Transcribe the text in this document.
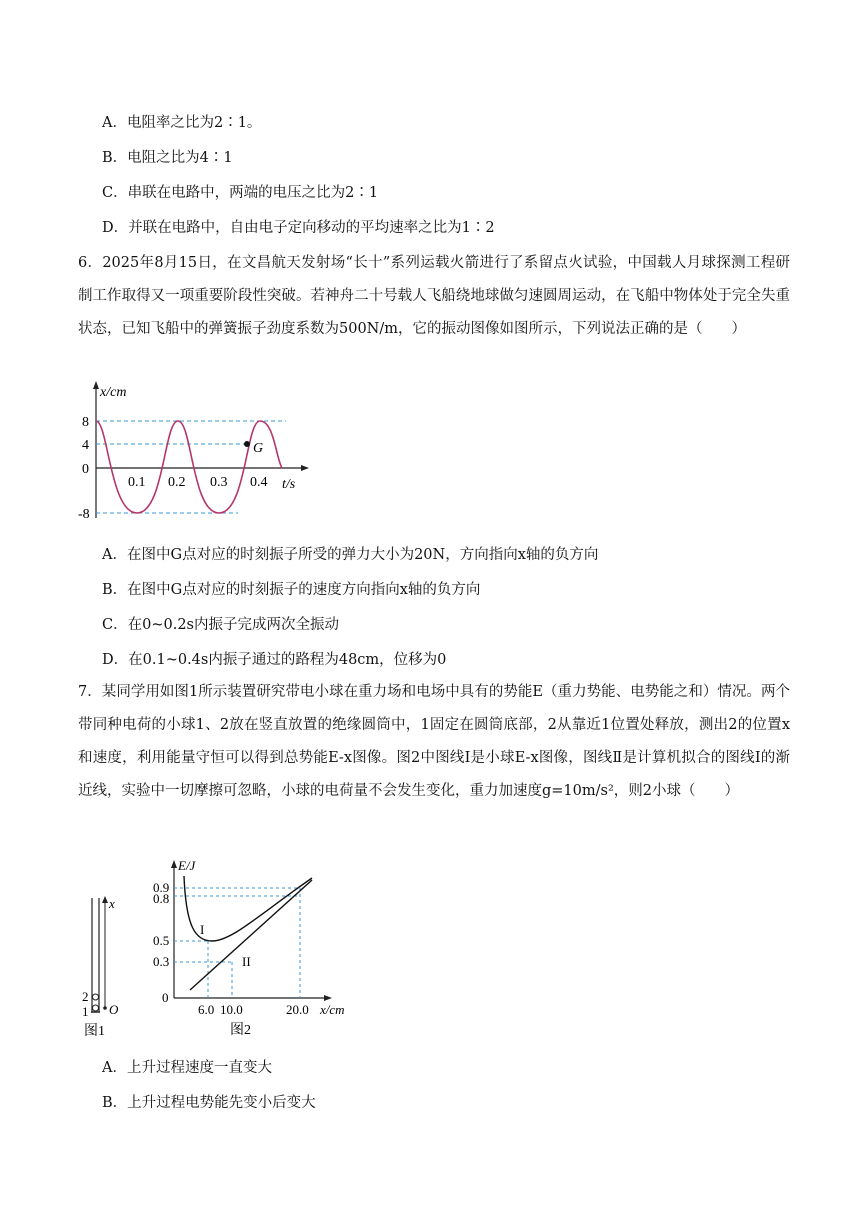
A．电阻率之比为2∶1。
B．电阻之比为4∶1
C．串联在电路中，两端的电压之比为2∶1
D．并联在电路中，自由电子定向移动的平均速率之比为1∶2
6．2025年8月15日，在文昌航天发射场“长十”系列运载火箭进行了系留点火试验，中国载人月球探测工程研制工作取得又一项重要阶段性突破。若神舟二十号载人飞船绕地球做匀速圆周运动，在飞船中物体处于完全失重状态，已知飞船中的弹簧振子劲度系数为500N/m，它的振动图像如图所示，下列说法正确的是（　　）
x/cm
8
4
0
-8
0.1 0.2 0.3 0.4 t/s
G
A．在图中G点对应的时刻振子所受的弹力大小为20N，方向指向x轴的负方向
B．在图中G点对应的时刻振子的速度方向指向x轴的负方向
C．在0~0.2s内振子完成两次全振动
D．在0.1~0.4s内振子通过的路程为48cm，位移为0
7．某同学用如图1所示装置研究带电小球在重力场和电场中具有的势能E（重力势能、电势能之和）情况。两个带同种电荷的小球1、2放在竖直放置的绝缘圆筒中，1固定在圆筒底部，2从靠近1位置处释放，测出2的位置x和速度，利用能量守恒可以得到总势能E-x图像。图2中图线I是小球E-x图像，图线Ⅱ是计算机拟合的图线Ⅰ的渐近线，实验中一切摩擦可忽略，小球的电荷量不会发生变化，重力加速度g=10m/s²，则2小球（　　）
x
2
1 O
图1
E/J
0.9
0.8
0.5
0.3
0
6.0 10.0	20.0 x/cm
I
II
图2
A．上升过程速度一直变大
B．上升过程电势能先变小后变大
